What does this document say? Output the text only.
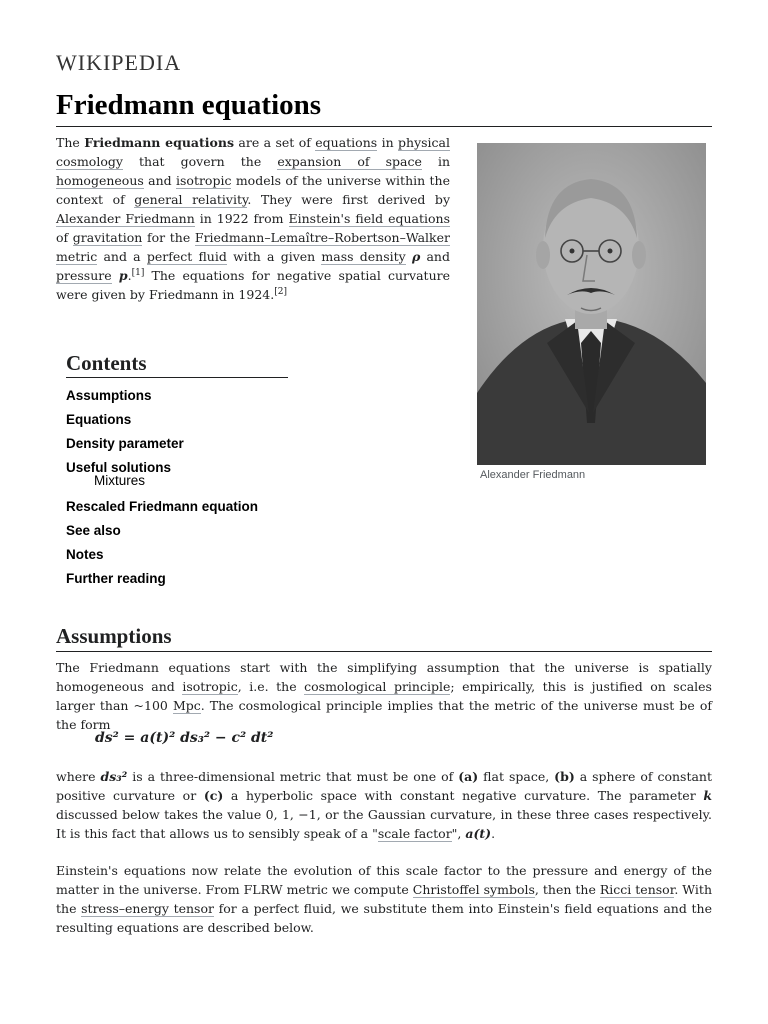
WIKIPEDIA
Friedmann equations

The Friedmann equations are a set of equations in physical cosmology that govern the expansion of space in homogeneous and isotropic models of the universe within the context of general relativity. They were first derived by Alexander Friedmann in 1922 from Einstein's field equations of gravitation for the Friedmann–Lemaître–Robertson–Walker metric and a perfect fluid with a given mass density ρ and pressure p.[1] The equations for negative spatial curvature were given by Friedmann in 1924.[2]

Alexander Friedmann
Contents
Assumptions
Equations
Density parameter
Useful solutions
Mixtures
Rescaled Friedmann equation
See also
Notes
Further reading
Assumptions

The Friedmann equations start with the simplifying assumption that the universe is spatially homogeneous and isotropic, i.e. the cosmological principle; empirically, this is justified on scales larger than ~100 Mpc. The cosmological principle implies that the metric of the universe must be of the form

ds² = a(t)² ds₃² − c² dt²

where ds₃² is a three-dimensional metric that must be one of (a) flat space, (b) a sphere of constant positive curvature or (c) a hyperbolic space with constant negative curvature. The parameter k discussed below takes the value 0, 1, −1, or the Gaussian curvature, in these three cases respectively. It is this fact that allows us to sensibly speak of a "scale factor", a(t).

Einstein's equations now relate the evolution of this scale factor to the pressure and energy of the matter in the universe. From FLRW metric we compute Christoffel symbols, then the Ricci tensor. With the stress–energy tensor for a perfect fluid, we substitute them into Einstein's field equations and the resulting equations are described below.
